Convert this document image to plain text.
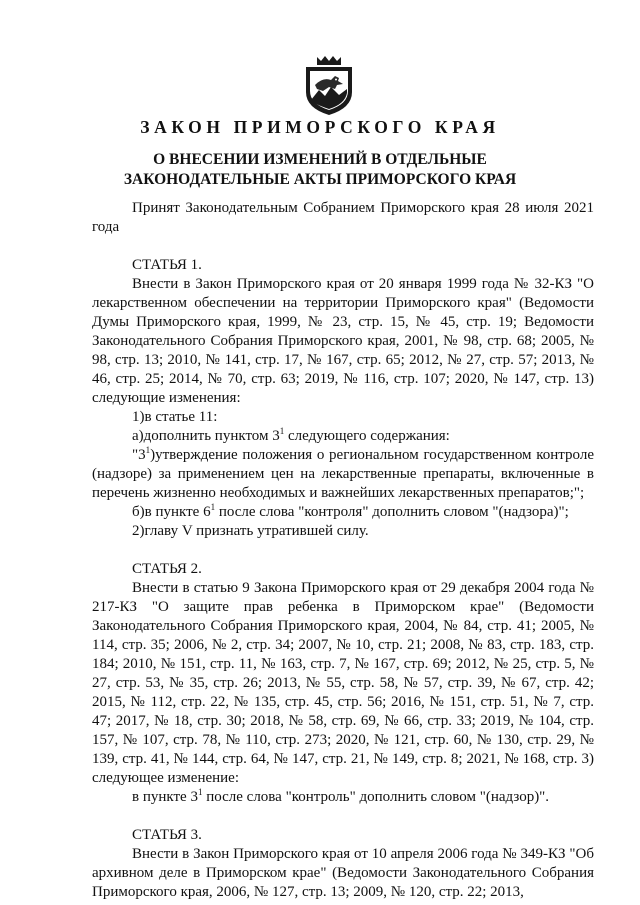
ЗАКОН ПРИМОРСКОГО КРАЯ
О ВНЕСЕНИИ ИЗМЕНЕНИЙ В ОТДЕЛЬНЫЕ
ЗАКОНОДАТЕЛЬНЫЕ АКТЫ ПРИМОРСКОГО КРАЯ

Принят Законодательным Собранием Приморского края 28 июля 2021 года

СТАТЬЯ 1.

Внести в Закон Приморского края от 20 января 1999 года № 32-КЗ "О лекарственном обеспечении на территории Приморского края" (Ведомости Думы Приморского края, 1999, № 23, стр. 15, № 45, стр. 19; Ведомости Законодательного Собрания Приморского края, 2001, № 98, стр. 68; 2005, № 98, стр. 13; 2010, № 141, стр. 17, № 167, стр. 65; 2012, № 27, стр. 57; 2013, № 46, стр. 25; 2014, № 70, стр. 63; 2019, № 116, стр. 107; 2020, № 147, стр. 13) следующие изменения:

1)в статье 11:

а)дополнить пунктом $3^1$ следующего содержания:

"$3^1)утверждение$ положения о региональном государственном контроле (надзоре) за применением цен на лекарственные препараты, включенные в перечень жизненно необходимых и важнейших лекарственных препаратов;";

б)в пункте $6^1$ после слова "контроля" дополнить словом "(надзора)";

2)главу V признать утратившей силу.

СТАТЬЯ 2.

Внести в статью 9 Закона Приморского края от 29 декабря 2004 года № 217-КЗ "О защите прав ребенка в Приморском крае" (Ведомости Законодательного Собрания Приморского края, 2004, № 84, стр. 41; 2005, № 114, стр. 35; 2006, № 2, стр. 34; 2007, № 10, стр. 21; 2008, № 83, стр. 183, стр. 184; 2010, № 151, стр. 11, № 163, стр. 7, № 167, стр. 69; 2012, № 25, стр. 5, № 27, стр. 53, № 35, стр. 26; 2013, № 55, стр. 58, № 57, стр. 39, № 67, стр. 42; 2015, № 112, стр. 22, № 135, стр. 45, стр. 56; 2016, № 151, стр. 51, № 7, стр. 47; 2017, № 18, стр. 30; 2018, № 58, стр. 69, № 66, стр. 33; 2019, № 104, стр. 157, № 107, стр. 78, № 110, стр. 273; 2020, № 121, стр. 60, № 130, стр. 29, № 139, стр. 41, № 144, стр. 64, № 147, стр. 21, № 149, стр. 8; 2021, № 168, стр. 3) следующее изменение:

в пункте $3^1$ после слова "контроль" дополнить словом "(надзор)".

СТАТЬЯ 3.

Внести в Закон Приморского края от 10 апреля 2006 года № 349-КЗ "Об архивном деле в Приморском крае" (Ведомости Законодательного Собрания Приморского края, 2006, № 127, стр. 13; 2009, № 120, стр. 22; 2013,
